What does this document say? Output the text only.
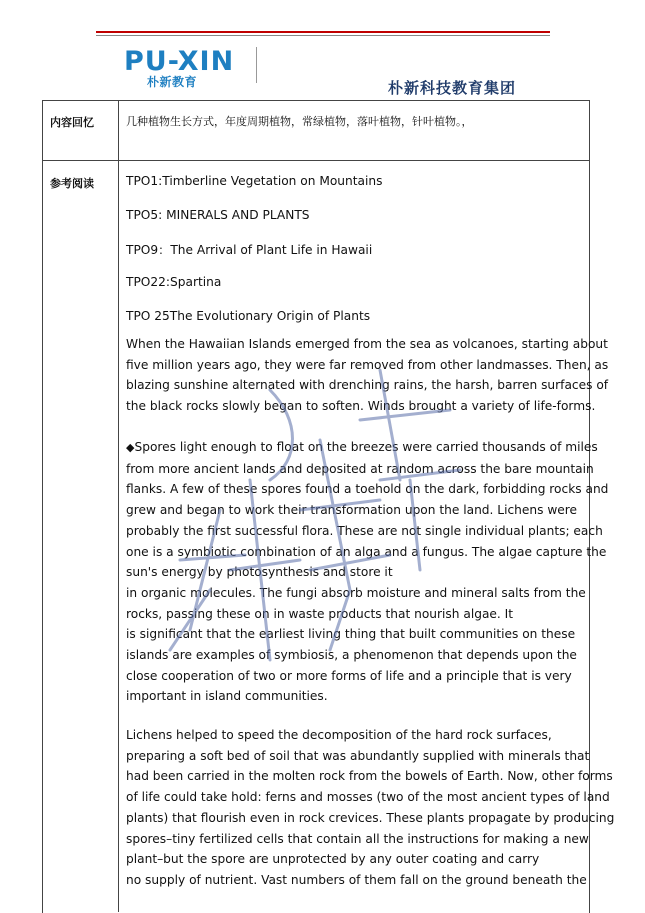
PU-XIN
朴新教育	朴新科技教育集团
内容回忆	几种植物生长方式，年度周期植物，常绿植物，落叶植物，针叶植物。，
参考阅读	TPO1:Timberline Vegetation on Mountains
TPO5: MINERALS AND PLANTS
TPO9：The Arrival of Plant Life in Hawaii
TPO22:Spartina
TPO 25The Evolutionary Origin of Plants

When the Hawaiian Islands emerged from the sea as volcanoes, starting about

five million years ago, they were far removed from other landmasses. Then, as

blazing sunshine alternated with drenching rains, the harsh, barren surfaces of

the black rocks slowly began to soften. Winds brought a variety of life-forms.

◆Spores light enough to float on the breezes were carried thousands of miles

from more ancient lands and deposited at random across the bare mountain

flanks. A few of these spores found a toehold on the dark, forbidding rocks and

grew and began to work their transformation upon the land. Lichens were

probably the first successful flora. These are not single individual plants; each

one is a symbiotic combination of an alga and a fungus. The algae capture the

sun's energy by photosynthesis and store it

in organic molecules. The fungi absorb moisture and mineral salts from the

rocks, passing these on in waste products that nourish algae. It

is significant that the earliest living thing that built communities on these

islands are examples of symbiosis, a phenomenon that depends upon the

close cooperation of two or more forms of life and a principle that is very

important in island communities.

Lichens helped to speed the decomposition of the hard rock surfaces,

preparing a soft bed of soil that was abundantly supplied with minerals that

had been carried in the molten rock from the bowels of Earth. Now, other forms

of life could take hold: ferns and mosses (two of the most ancient types of land

plants) that flourish even in rock crevices. These plants propagate by producing

spores–tiny fertilized cells that contain all the instructions for making a new

plant–but the spore are unprotected by any outer coating and carry

no supply of nutrient. Vast numbers of them fall on the ground beneath the
